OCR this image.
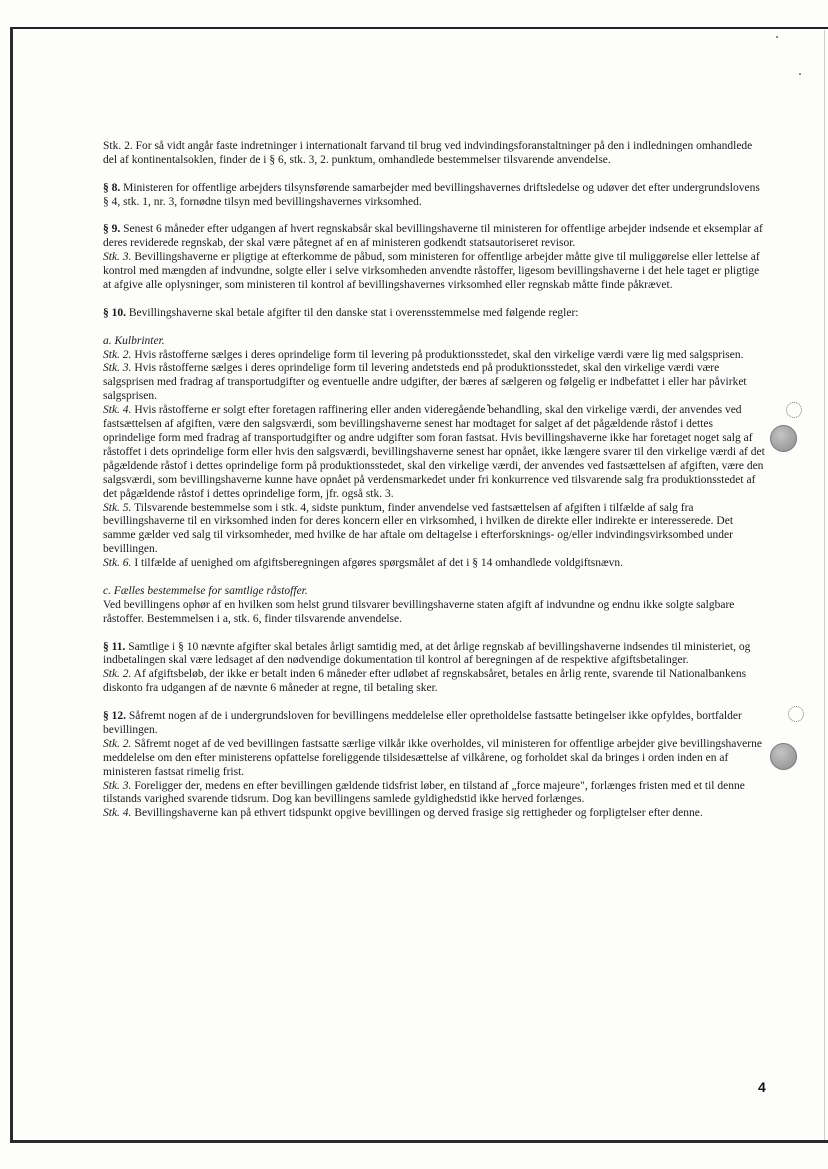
Stk. 2. For så vidt angår faste indretninger i internationalt farvand til brug ved indvindingsforanstaltninger på den i indledningen omhandlede del af kontinentalsoklen, finder de i § 6, stk. 3, 2. punktum, omhandlede bestemmelser tilsvarende anvendelse.

§ 8. Ministeren for offentlige arbejders tilsynsførende samarbejder med bevillingshavernes driftsledelse og udøver det efter undergrundslovens § 4, stk. 1, nr. 3, fornødne tilsyn med bevillingshavernes virksomhed.

§ 9. Senest 6 måneder efter udgangen af hvert regnskabsår skal bevillingshaverne til ministeren for offentlige arbejder indsende et eksemplar af deres reviderede regnskab, der skal være påtegnet af en af ministeren godkendt statsautoriseret revisor.

Stk. 3. Bevillingshaverne er pligtige at efterkomme de påbud, som ministeren for offentlige arbejder måtte give til muliggørelse eller lettelse af kontrol med mængden af indvundne, solgte eller i selve virksomheden anvendte råstoffer, ligesom bevillingshaverne i det hele taget er pligtige at afgive alle oplysninger, som ministeren til kontrol af bevillingshavernes virksomhed eller regnskab måtte finde påkrævet.

§ 10. Bevillingshaverne skal betale afgifter til den danske stat i overensstemmelse med følgende regler:

a. Kulbrinter.

Stk. 2. Hvis råstofferne sælges i deres oprindelige form til levering på produktionsstedet, skal den virkelige værdi være lig med salgsprisen.

Stk. 3. Hvis råstofferne sælges i deres oprindelige form til levering andetsteds end på produktionsstedet, skal den virkelige værdi være salgsprisen med fradrag af transportudgifter og eventuelle andre udgifter, der bæres af sælgeren og følgelig er indbefattet i eller har påvirket salgsprisen.

Stk. 4. Hvis råstofferne er solgt efter foretagen raffinering eller anden videregående behandling, skal den virkelige værdi, der anvendes ved fastsættelsen af afgiften, være den salgsværdi, som bevillingshaverne senest har modtaget for salget af det pågældende råstof i dettes oprindelige form med fradrag af transportudgifter og andre udgifter som foran fastsat. Hvis bevillingshaverne ikke har foretaget noget salg af råstoffet i dets oprindelige form eller hvis den salgsværdi, bevillingshaverne senest har opnået, ikke længere svarer til den virkelige værdi af det pågældende råstof i dettes oprindelige form på produktionsstedet, skal den virkelige værdi, der anvendes ved fastsættelsen af afgiften, være den salgsværdi, som bevillingshaverne kunne have opnået på verdensmarkedet under fri konkurrence ved tilsvarende salg fra produktionsstedet af det pågældende råstof i dettes oprindelige form, jfr. også stk. 3.

Stk. 5. Tilsvarende bestemmelse som i stk. 4, sidste punktum, finder anvendelse ved fastsættelsen af afgiften i tilfælde af salg fra bevillingshaverne til en virksomhed inden for deres koncern eller en virksomhed, i hvilken de direkte eller indirekte er interesserede. Det samme gælder ved salg til virksomheder, med hvilke de har aftale om deltagelse i efterforsknings- og/eller indvindingsvirksombed under bevillingen.

Stk. 6. I tilfælde af uenighed om afgiftsberegningen afgøres spørgsmålet af det i § 14 omhandlede voldgiftsnævn.

c. Fælles bestemmelse for samtlige råstoffer.

Ved bevillingens ophør af en hvilken som helst grund tilsvarer bevillingshaverne staten afgift af indvundne og endnu ikke solgte salgbare råstoffer. Bestemmelsen i a, stk. 6, finder tilsvarende anvendelse.

§ 11. Samtlige i § 10 nævnte afgifter skal betales årligt samtidig med, at det årlige regnskab af bevillingshaverne indsendes til ministeriet, og indbetalingen skal være ledsaget af den nødvendige dokumentation til kontrol af beregningen af de respektive afgiftsbetalinger.

Stk. 2. Af afgiftsbeløb, der ikke er betalt inden 6 måneder efter udløbet af regnskabsåret, betales en årlig rente, svarende til Nationalbankens diskonto fra udgangen af de nævnte 6 måneder at regne, til betaling sker.

§ 12. Såfremt nogen af de i undergrundsloven for bevillingens meddelelse eller opretholdelse fastsatte betingelser ikke opfyldes, bortfalder bevillingen.

Stk. 2. Såfremt noget af de ved bevillingen fastsatte særlige vilkår ikke overholdes, vil ministeren for offentlige arbejder give bevillingshaverne meddelelse om den efter ministerens opfattelse foreliggende tilsidesættelse af vilkårene, og forholdet skal da bringes i orden inden en af ministeren fastsat rimelig frist.

Stk. 3. Foreligger der, medens en efter bevillingen gældende tidsfrist løber, en tilstand af „force majeure", forlænges fristen med et til denne tilstands varighed svarende tidsrum. Dog kan bevillingens samlede gyldighedstid ikke herved forlænges.

Stk. 4. Bevillingshaverne kan på ethvert tidspunkt opgive bevillingen og derved frasige sig rettigheder og forpligtelser efter denne.

4
